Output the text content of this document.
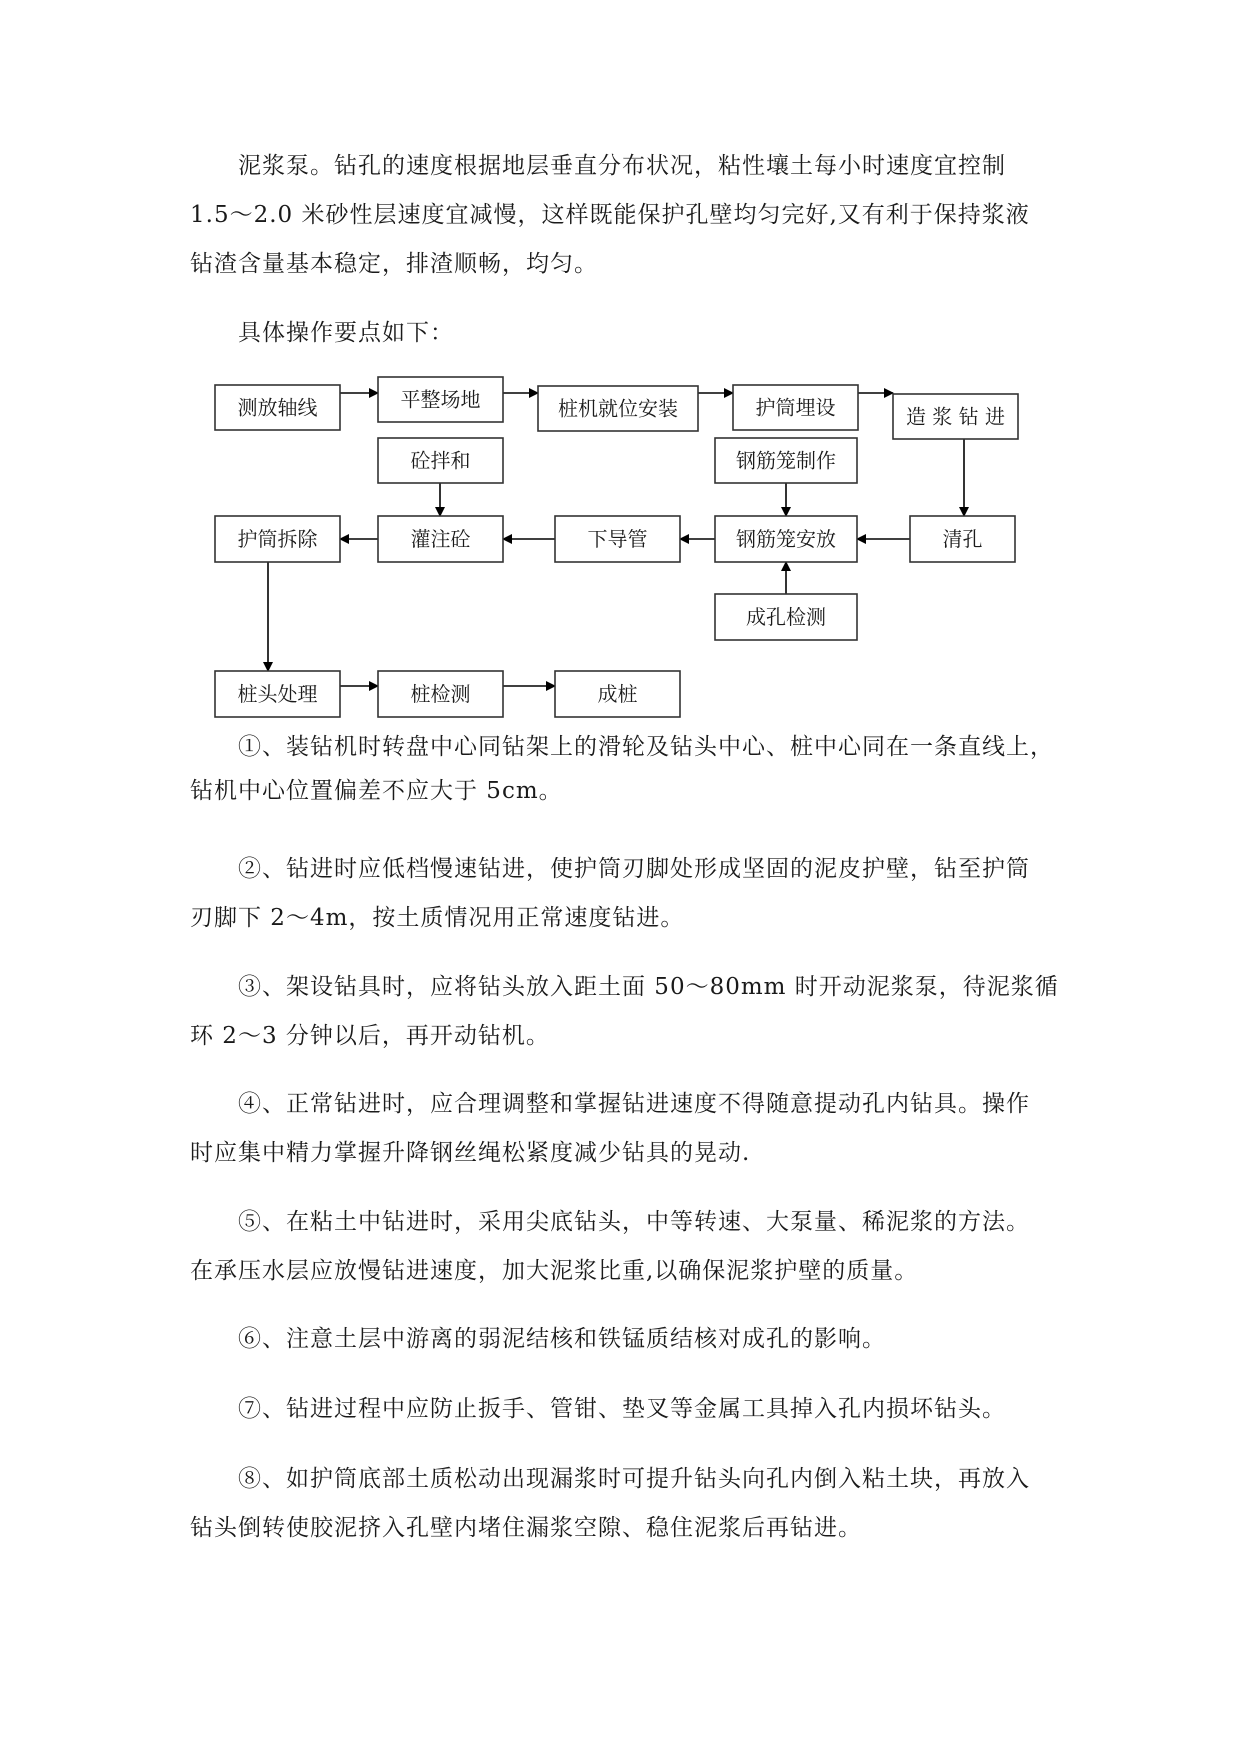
泥浆泵。钻孔的速度根据地层垂直分布状况，粘性壤土每小时速度宜控制
1.5～2.0 米砂性层速度宜减慢，这样既能保护孔壁均匀完好,又有利于保持浆液
钻渣含量基本稳定，排渣顺畅，均匀。
具体操作要点如下：
①、装钻机时转盘中心同钻架上的滑轮及钻头中心、桩中心同在一条直线上，
测放轴线	平整场地	桩机就位安装	护筒埋设	造 浆 钻 进
砼拌和	钢筋笼制作
护筒拆除	灌注砼	下导管	钢筋笼安放	清孔
成孔检测
桩头处理	桩检测	成桩
钻机中心位置偏差不应大于 5cm。
②、钻进时应低档慢速钻进，使护筒刃脚处形成坚固的泥皮护壁，钻至护筒
刃脚下 2～4m，按土质情况用正常速度钻进。
③、架设钻具时，应将钻头放入距土面 50～80mm 时开动泥浆泵，待泥浆循
环 2～3 分钟以后，再开动钻机。
④、正常钻进时，应合理调整和掌握钻进速度不得随意提动孔内钻具。操作
时应集中精力掌握升降钢丝绳松紧度减少钻具的晃动.
⑤、在粘土中钻进时，采用尖底钻头，中等转速、大泵量、稀泥浆的方法。
在承压水层应放慢钻进速度，加大泥浆比重,以确保泥浆护壁的质量。
⑥、注意土层中游离的弱泥结核和铁锰质结核对成孔的影响。
⑦、钻进过程中应防止扳手、管钳、垫叉等金属工具掉入孔内损坏钻头。
⑧、如护筒底部土质松动出现漏浆时可提升钻头向孔内倒入粘土块，再放入
钻头倒转使胶泥挤入孔壁内堵住漏浆空隙、稳住泥浆后再钻进。
